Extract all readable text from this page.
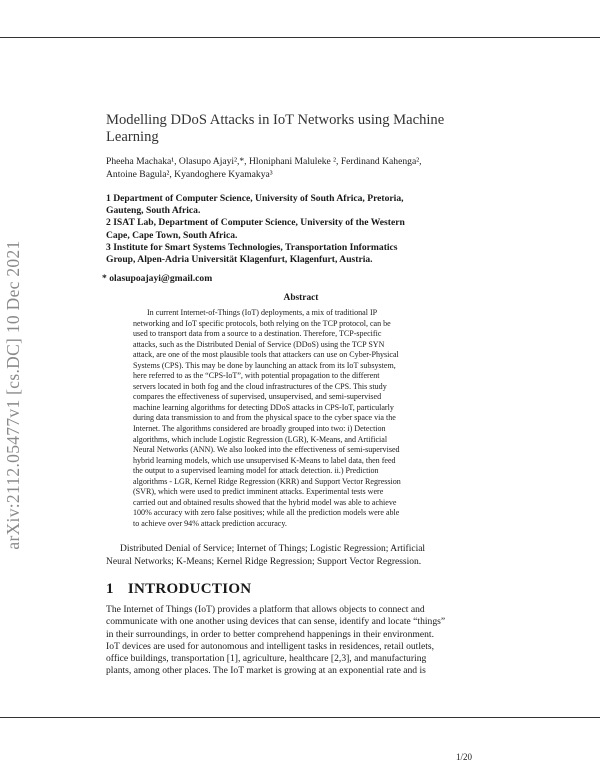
arXiv:2112.05477v1 [cs.DC] 10 Dec 2021
Modelling DDoS Attacks in IoT Networks using Machine
Learning
Pheeha Machaka¹, Olasupo Ajayi²,*, Hloniphani Maluleke ², Ferdinand Kahenga²,
Antoine Bagula², Kyandoghere Kyamakya³

1 Department of Computer Science, University of South Africa, Pretoria,

Gauteng, South Africa.

2 ISAT Lab, Department of Computer Science, University of the Western

Cape, Cape Town, South Africa.

3 Institute for Smart Systems Technologies, Transportation Informatics

Group, Alpen-Adria Universität Klagenfurt, Klagenfurt, Austria.

* olasupoajayi@gmail.com
Abstract
In current Internet-of-Things (IoT) deployments, a mix of traditional IP
networking and IoT specific protocols, both relying on the TCP protocol, can be
used to transport data from a source to a destination. Therefore, TCP-specific
attacks, such as the Distributed Denial of Service (DDoS) using the TCP SYN
attack, are one of the most plausible tools that attackers can use on Cyber-Physical
Systems (CPS). This may be done by launching an attack from its IoT subsystem,
here referred to as the “CPS-IoT”, with potential propagation to the different
servers located in both fog and the cloud infrastructures of the CPS. This study
compares the effectiveness of supervised, unsupervised, and semi-supervised
machine learning algorithms for detecting DDoS attacks in CPS-IoT, particularly
during data transmission to and from the physical space to the cyber space via the
Internet. The algorithms considered are broadly grouped into two: i) Detection
algorithms, which include Logistic Regression (LGR), K-Means, and Artificial
Neural Networks (ANN). We also looked into the effectiveness of semi-supervised
hybrid learning models, which use unsupervised K-Means to label data, then feed
the output to a supervised learning model for attack detection. ii.) Prediction
algorithms - LGR, Kernel Ridge Regression (KRR) and Support Vector Regression
(SVR), which were used to predict imminent attacks. Experimental tests were
carried out and obtained results showed that the hybrid model was able to achieve
100% accuracy with zero false positives; while all the prediction models were able
to achieve over 94% attack prediction accuracy.
Distributed Denial of Service; Internet of Things; Logistic Regression; Artificial
Neural Networks; K-Means; Kernel Ridge Regression; Support Vector Regression.
1 INTRODUCTION
The Internet of Things (IoT) provides a platform that allows objects to connect and
communicate with one another using devices that can sense, identify and locate “things”
in their surroundings, in order to better comprehend happenings in their environment.
IoT devices are used for autonomous and intelligent tasks in residences, retail outlets,
office buildings, transportation [1], agriculture, healthcare [2,3], and manufacturing
plants, among other places. The IoT market is growing at an exponential rate and is
1/20
